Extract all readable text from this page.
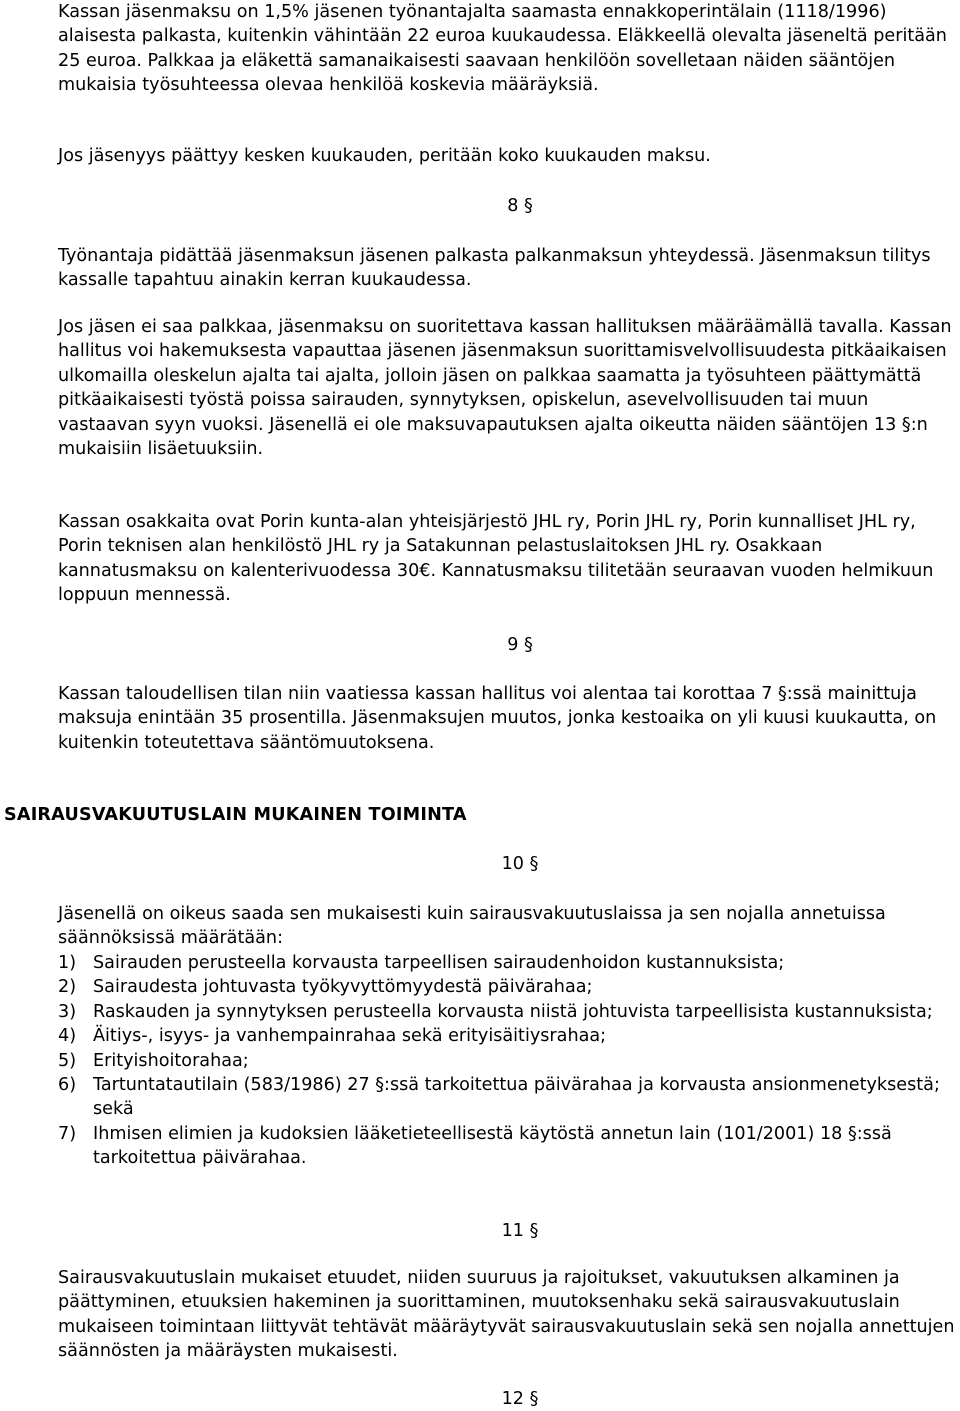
Kassan jäsenmaksu on 1,5% jäsenen työnantajalta saamasta ennakkoperintälain (1118/1996) alaisesta palkasta, kuitenkin vähintään 22 euroa kuukaudessa. Eläkkeellä olevalta jäseneltä peritään 25 euroa. Palkkaa ja eläkettä samanaikaisesti saavaan henkilöön sovelletaan näiden sääntöjen mukaisia työsuhteessa olevaa henkilöä koskevia määräyksiä.

Jos jäsenyys päättyy kesken kuukauden, peritään koko kuukauden maksu.

8 §

Työnantaja pidättää jäsenmaksun jäsenen palkasta palkanmaksun yhteydessä. Jäsenmaksun tilitys kassalle tapahtuu ainakin kerran kuukaudessa.

Jos jäsen ei saa palkkaa, jäsenmaksu on suoritettava kassan hallituksen määräämällä tavalla. Kassan hallitus voi hakemuksesta vapauttaa jäsenen jäsenmaksun suorittamisvelvollisuudesta pitkäaikaisen ulkomailla oleskelun ajalta tai ajalta, jolloin jäsen on palkkaa saamatta ja työsuhteen päättymättä pitkäaikaisesti työstä poissa sairauden, synnytyksen, opiskelun, asevelvollisuuden tai muun vastaavan syyn vuoksi. Jäsenellä ei ole maksuvapautuksen ajalta oikeutta näiden sääntöjen 13 §:n mukaisiin lisäetuuksiin.

Kassan osakkaita ovat Porin kunta-alan yhteisjärjestö JHL ry, Porin JHL ry, Porin kunnalliset JHL ry, Porin teknisen alan henkilöstö JHL ry ja Satakunnan pelastuslaitoksen JHL ry. Osakkaan kannatusmaksu on kalenterivuodessa 30€. Kannatusmaksu tilitetään seuraavan vuoden helmikuun loppuun mennessä.

9 §

Kassan taloudellisen tilan niin vaatiessa kassan hallitus voi alentaa tai korottaa 7 §:ssä mainittuja maksuja enintään 35 prosentilla. Jäsenmaksujen muutos, jonka kestoaika on yli kuusi kuukautta, on kuitenkin toteutettava sääntömuutoksena.

SAIRAUSVAKUUTUSLAIN MUKAINEN TOIMINTA

10 §

Jäsenellä on oikeus saada sen mukaisesti kuin sairausvakuutuslaissa ja sen nojalla annetuissa säännöksissä määrätään:

1) Sairauden perusteella korvausta tarpeellisen sairaudenhoidon kustannuksista;
2) Sairaudesta johtuvasta työkyvyttömyydestä päivärahaa;
3) Raskauden ja synnytyksen perusteella korvausta niistä johtuvista tarpeellisista kustannuksista;
4) Äitiys-, isyys- ja vanhempainrahaa sekä erityisäitiysrahaa;
5) Erityishoitorahaa;
6) Tartuntatautilain (583/1986) 27 §:ssä tarkoitettua päivärahaa ja korvausta ansionmenetyksestä; sekä
7) Ihmisen elimien ja kudoksien lääketieteellisestä käytöstä annetun lain (101/2001) 18 §:ssä tarkoitettua päivärahaa.

11 §

Sairausvakuutuslain mukaiset etuudet, niiden suuruus ja rajoitukset, vakuutuksen alkaminen ja päättyminen, etuuksien hakeminen ja suorittaminen, muutoksenhaku sekä sairausvakuutuslain mukaiseen toimintaan liittyvät tehtävät määräytyvät sairausvakuutuslain sekä sen nojalla annettujen säännösten ja määräysten mukaisesti.

12 §
